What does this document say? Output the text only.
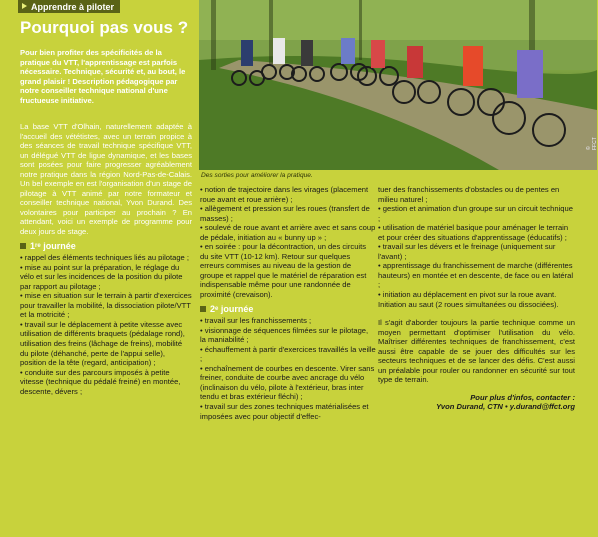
Apprendre à piloter
Pourquoi pas vous ?
Pour bien profiter des spécificités de la pratique du VTT, l'apprentissage est parfois nécessaire. Technique, sécurité et, au bout, le grand plaisir ! Description pédagogique par notre conseiller technique national d'une fructueuse initiative.
© FFCT
Des sorties pour améliorer la pratique.

La base VTT d'Olhain, naturellement adaptée à l'accueil des vététistes, avec un terrain propice à des séances de travail technique spécifique VTT, un délégué VTT de ligue dynamique, et les bases sont posées pour faire progresser agréablement notre pratique dans la région Nord-Pas-de-Calais. Un bel exemple en est l'organisation d'un stage de pilotage à VTT animé par notre formateur et conseiller technique national, Yvon Durand. Des volontaires pour participer au prochain ? En attendant, voici un exemple de programme pour deux jours de stage.

1 re
journée

• rappel des éléments techniques liés au pilotage ;

• mise au point sur la préparation, le réglage du vélo et sur les incidences de la position du pilote par rapport au pilotage ;

• mise en situation sur le terrain à partir d'exercices pour travailler la mobilité, la dissociation pilote/VTT et la motricité ;

• travail sur le déplacement à petite vitesse avec utilisation de différents braquets (pédalage rond), utilisation des freins (lâchage de freins), mobilité du pilote (déhanché, perte de l'appui selle), position de la tête (regard, anticipation) ;

• conduite sur des parcours imposés à petite vitesse (technique du pédalé freiné) en montée, descente, dévers ;

• notion de trajectoire dans les virages (placement roue avant et roue arrière) ;

• allègement et pression sur les roues (transfert de masses) ;

• soulevé de roue avant et arrière avec et sans coup de pédale, initiation au « bunny up » ;

• en soirée : pour la décontraction, un des circuits du site VTT (10-12 km). Retour sur quelques erreurs commises au niveau de la gestion de groupe et rappel que le matériel de réparation est indispensable même pour une randonnée de proximité (crevaison).

2 e
journée

• travail sur les franchissements ;

• visionnage de séquences filmées sur le pilotage, la maniabilité ;

• échauffement à partir d'exercices travaillés la veille ;

• enchaînement de courbes en descente. Virer sans freiner, conduite de courbe avec ancrage du vélo (inclinaison du vélo, pilote à l'extérieur, bras inter tendu et bras extérieur fléchi) ;

• travail sur des zones techniques matérialisées et imposées avec pour objectif d'effec-

tuer des franchissements d'obstacles ou de pentes en milieu naturel ;

• gestion et animation d'un groupe sur un circuit technique ;

• utilisation de matériel basique pour aménager le terrain et pour créer des situations d'apprentissage (éducatifs) ;

• travail sur les dévers et le freinage (uniquement sur l'avant) ;

• apprentissage du franchissement de marche (différentes hauteurs) en montée et en descente, de face ou en latéral ;

• initiation au déplacement en pivot sur la roue avant. Initiation au saut (2 roues simultanées ou dissociées).

Il s'agit d'aborder toujours la partie technique comme un moyen permettant d'optimiser l'utilisation du vélo. Maîtriser différentes techniques de franchissement, c'est aussi être capable de se jouer des difficultés sur les secteurs techniques et de se lancer des défis. C'est aussi un préalable pour rouler ou randonner en sécurité sur tout type de terrain.

Pour plus d'infos, contacter :

Yvon Durand, CTN • y.durand@ffct.org
